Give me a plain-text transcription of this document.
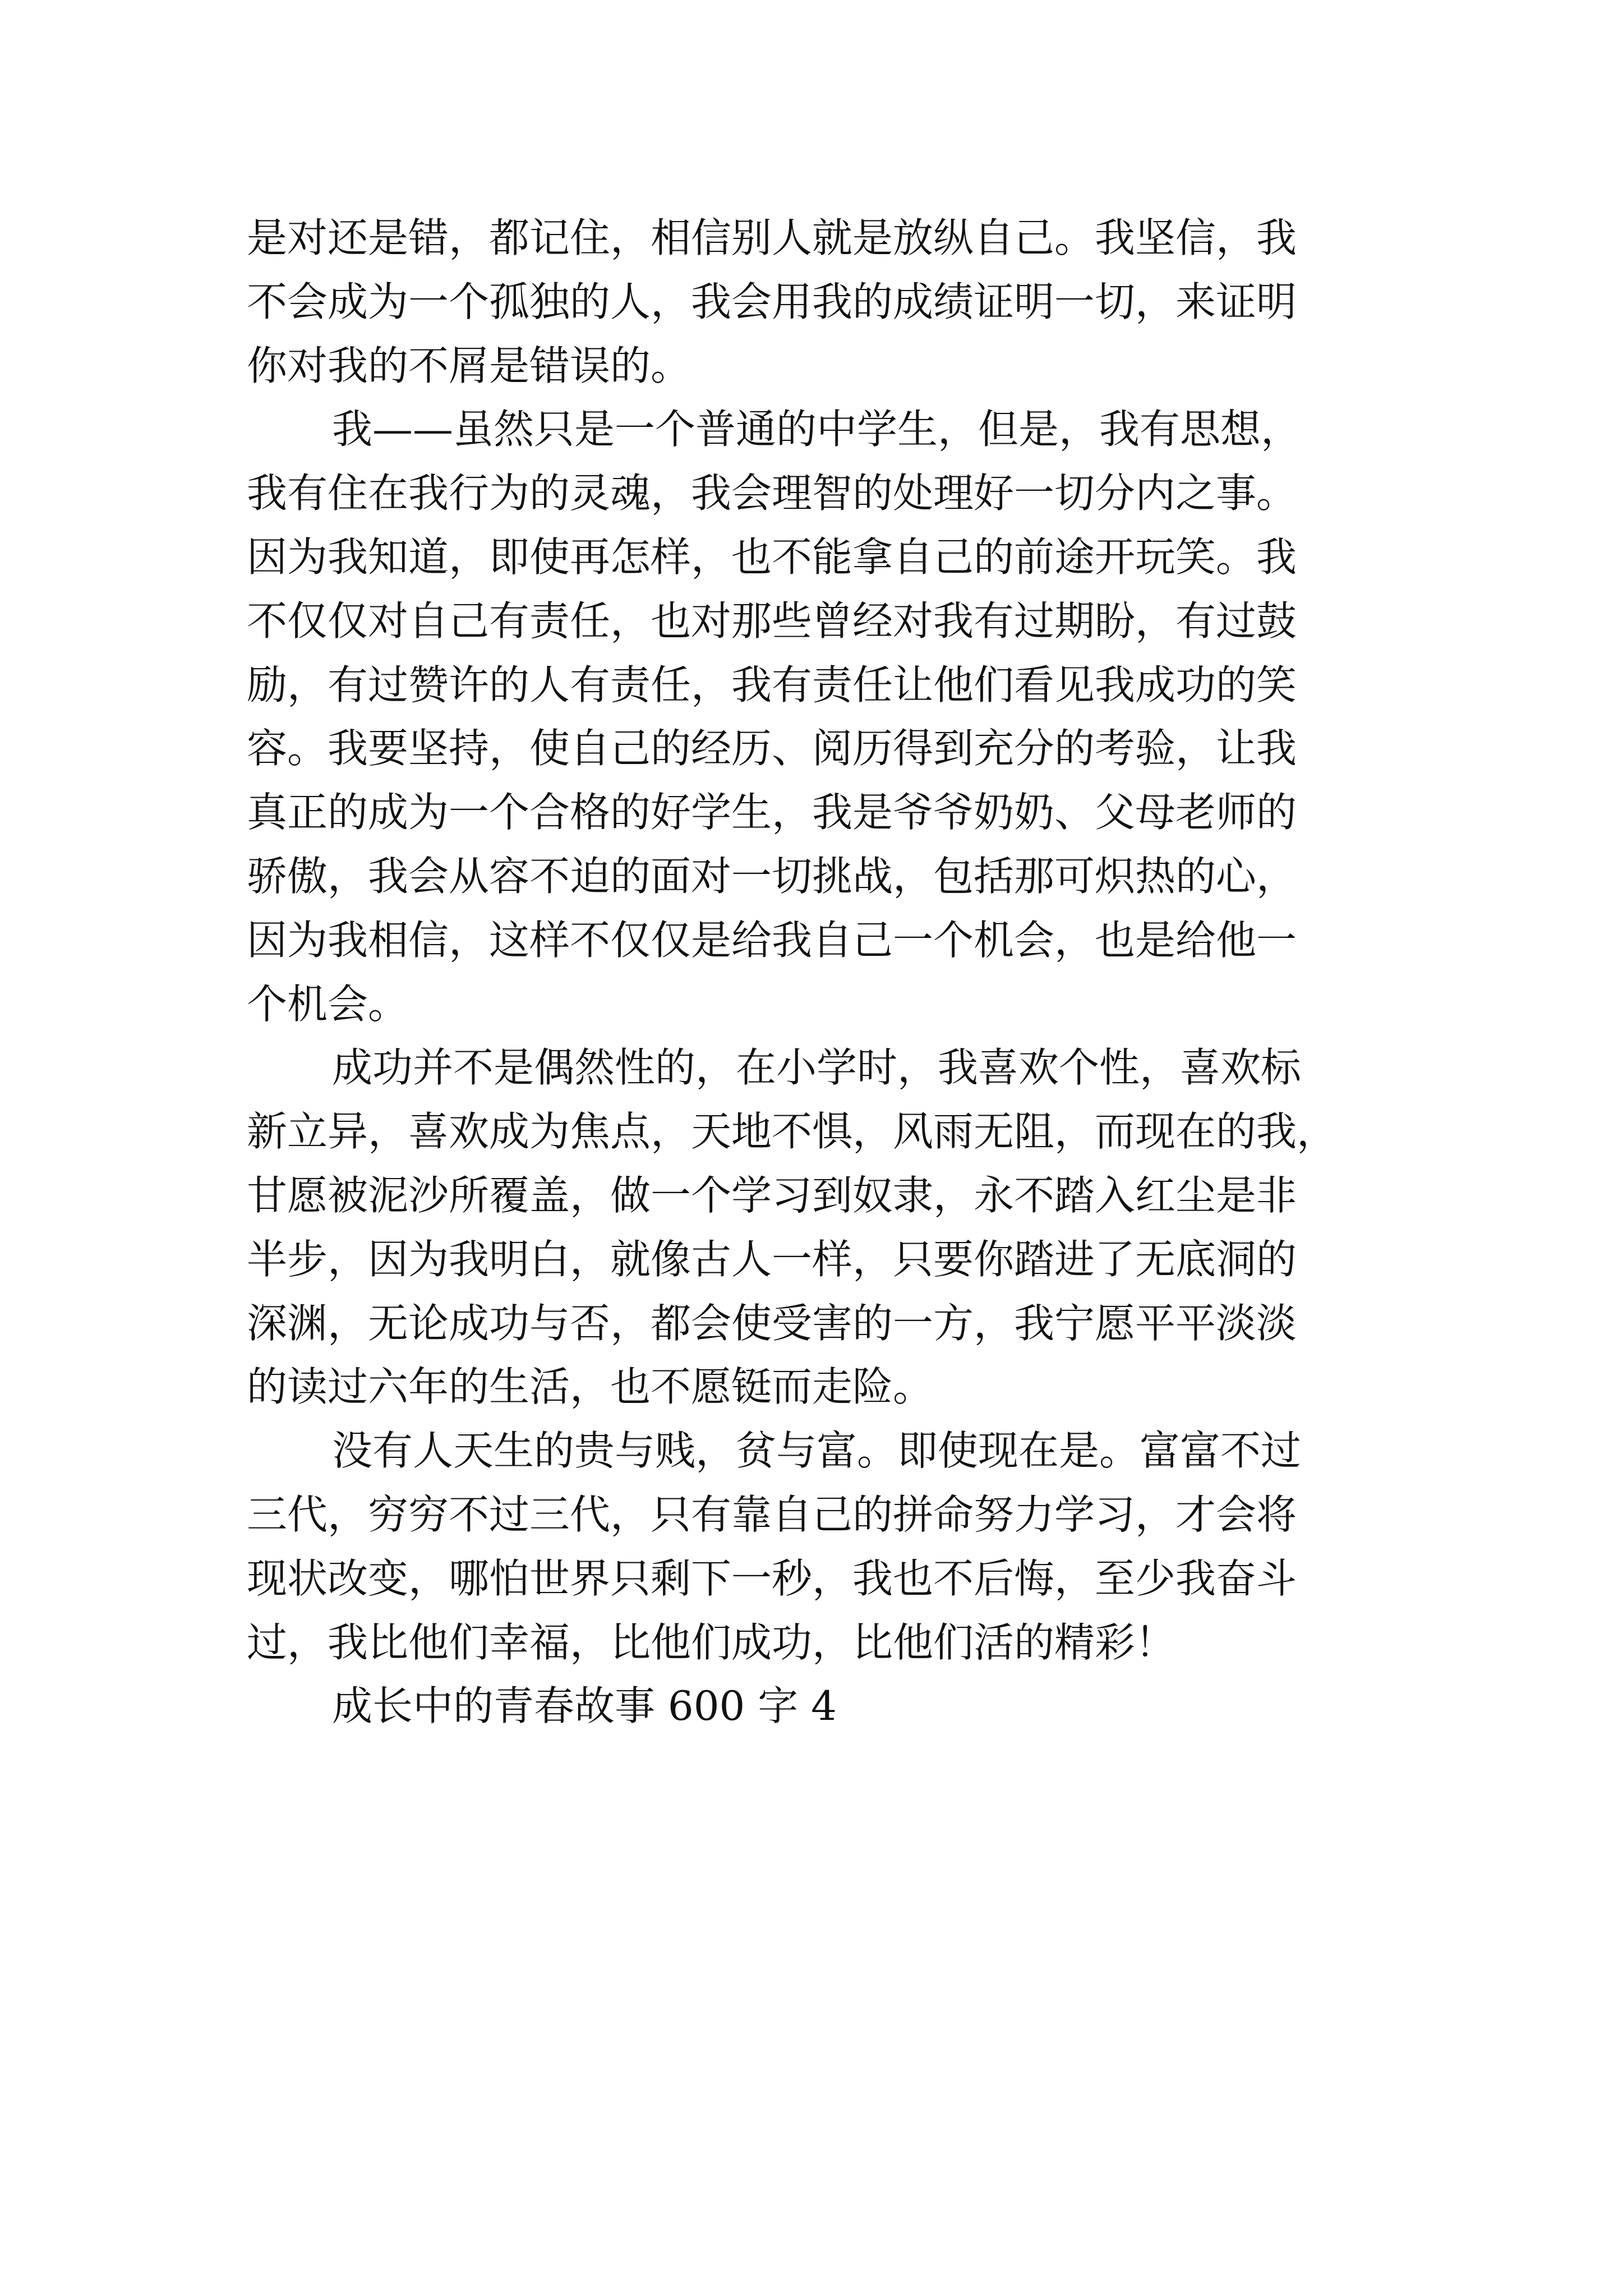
是对还是错，都记住，相信别人就是放纵自己。我坚信，我
不会成为一个孤独的人，我会用我的成绩证明一切，来证明
你对我的不屑是错误的。

我——虽然只是一个普通的中学生，但是，我有思想，
我有住在我行为的灵魂，我会理智的处理好一切分内之事。
因为我知道，即使再怎样，也不能拿自己的前途开玩笑。我
不仅仅对自己有责任，也对那些曾经对我有过期盼，有过鼓
励，有过赞许的人有责任，我有责任让他们看见我成功的笑
容。我要坚持，使自己的经历、阅历得到充分的考验，让我
真正的成为一个合格的好学生，我是爷爷奶奶、父母老师的
骄傲，我会从容不迫的面对一切挑战，包括那可炽热的心，
因为我相信，这样不仅仅是给我自己一个机会，也是给他一
个机会。

成功并不是偶然性的，在小学时，我喜欢个性，喜欢标
新立异，喜欢成为焦点，天地不惧，风雨无阻，而现在的我，
甘愿被泥沙所覆盖，做一个学习到奴隶，永不踏入红尘是非
半步，因为我明白，就像古人一样，只要你踏进了无底洞的
深渊，无论成功与否，都会使受害的一方，我宁愿平平淡淡
的读过六年的生活，也不愿铤而走险。

没有人天生的贵与贱，贫与富。即使现在是。富富不过
三代，穷穷不过三代，只有靠自己的拼命努力学习，才会将
现状改变，哪怕世界只剩下一秒，我也不后悔，至少我奋斗
过，我比他们幸福，比他们成功，比他们活的精彩！

成长中的青春故事 600 字 4
